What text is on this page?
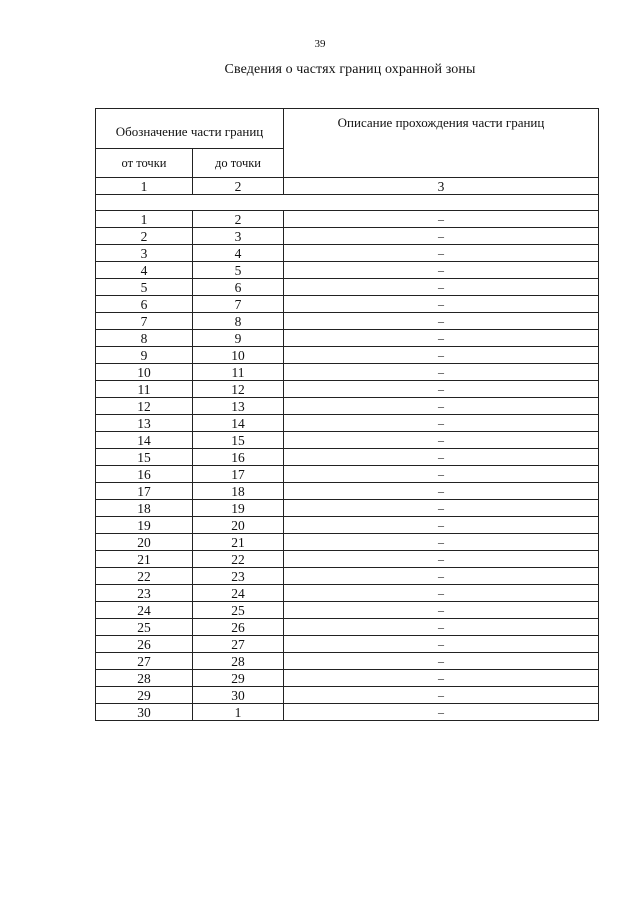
39
Сведения о частях границ охранной зоны
Обозначение части границ		Описание прохождения части границ
от точки	до точки	
1	2	3

1	2	–
2	3	–
3	4	–
4	5	–
5	6	–
6	7	–
7	8	–
8	9	–
9	10	–
10	11	–
11	12	–
12	13	–
13	14	–
14	15	–
15	16	–
16	17	–
17	18	–
18	19	–
19	20	–
20	21	–
21	22	–
22	23	–
23	24	–
24	25	–
25	26	–
26	27	–
27	28	–
28	29	–
29	30	–
30	1	–
